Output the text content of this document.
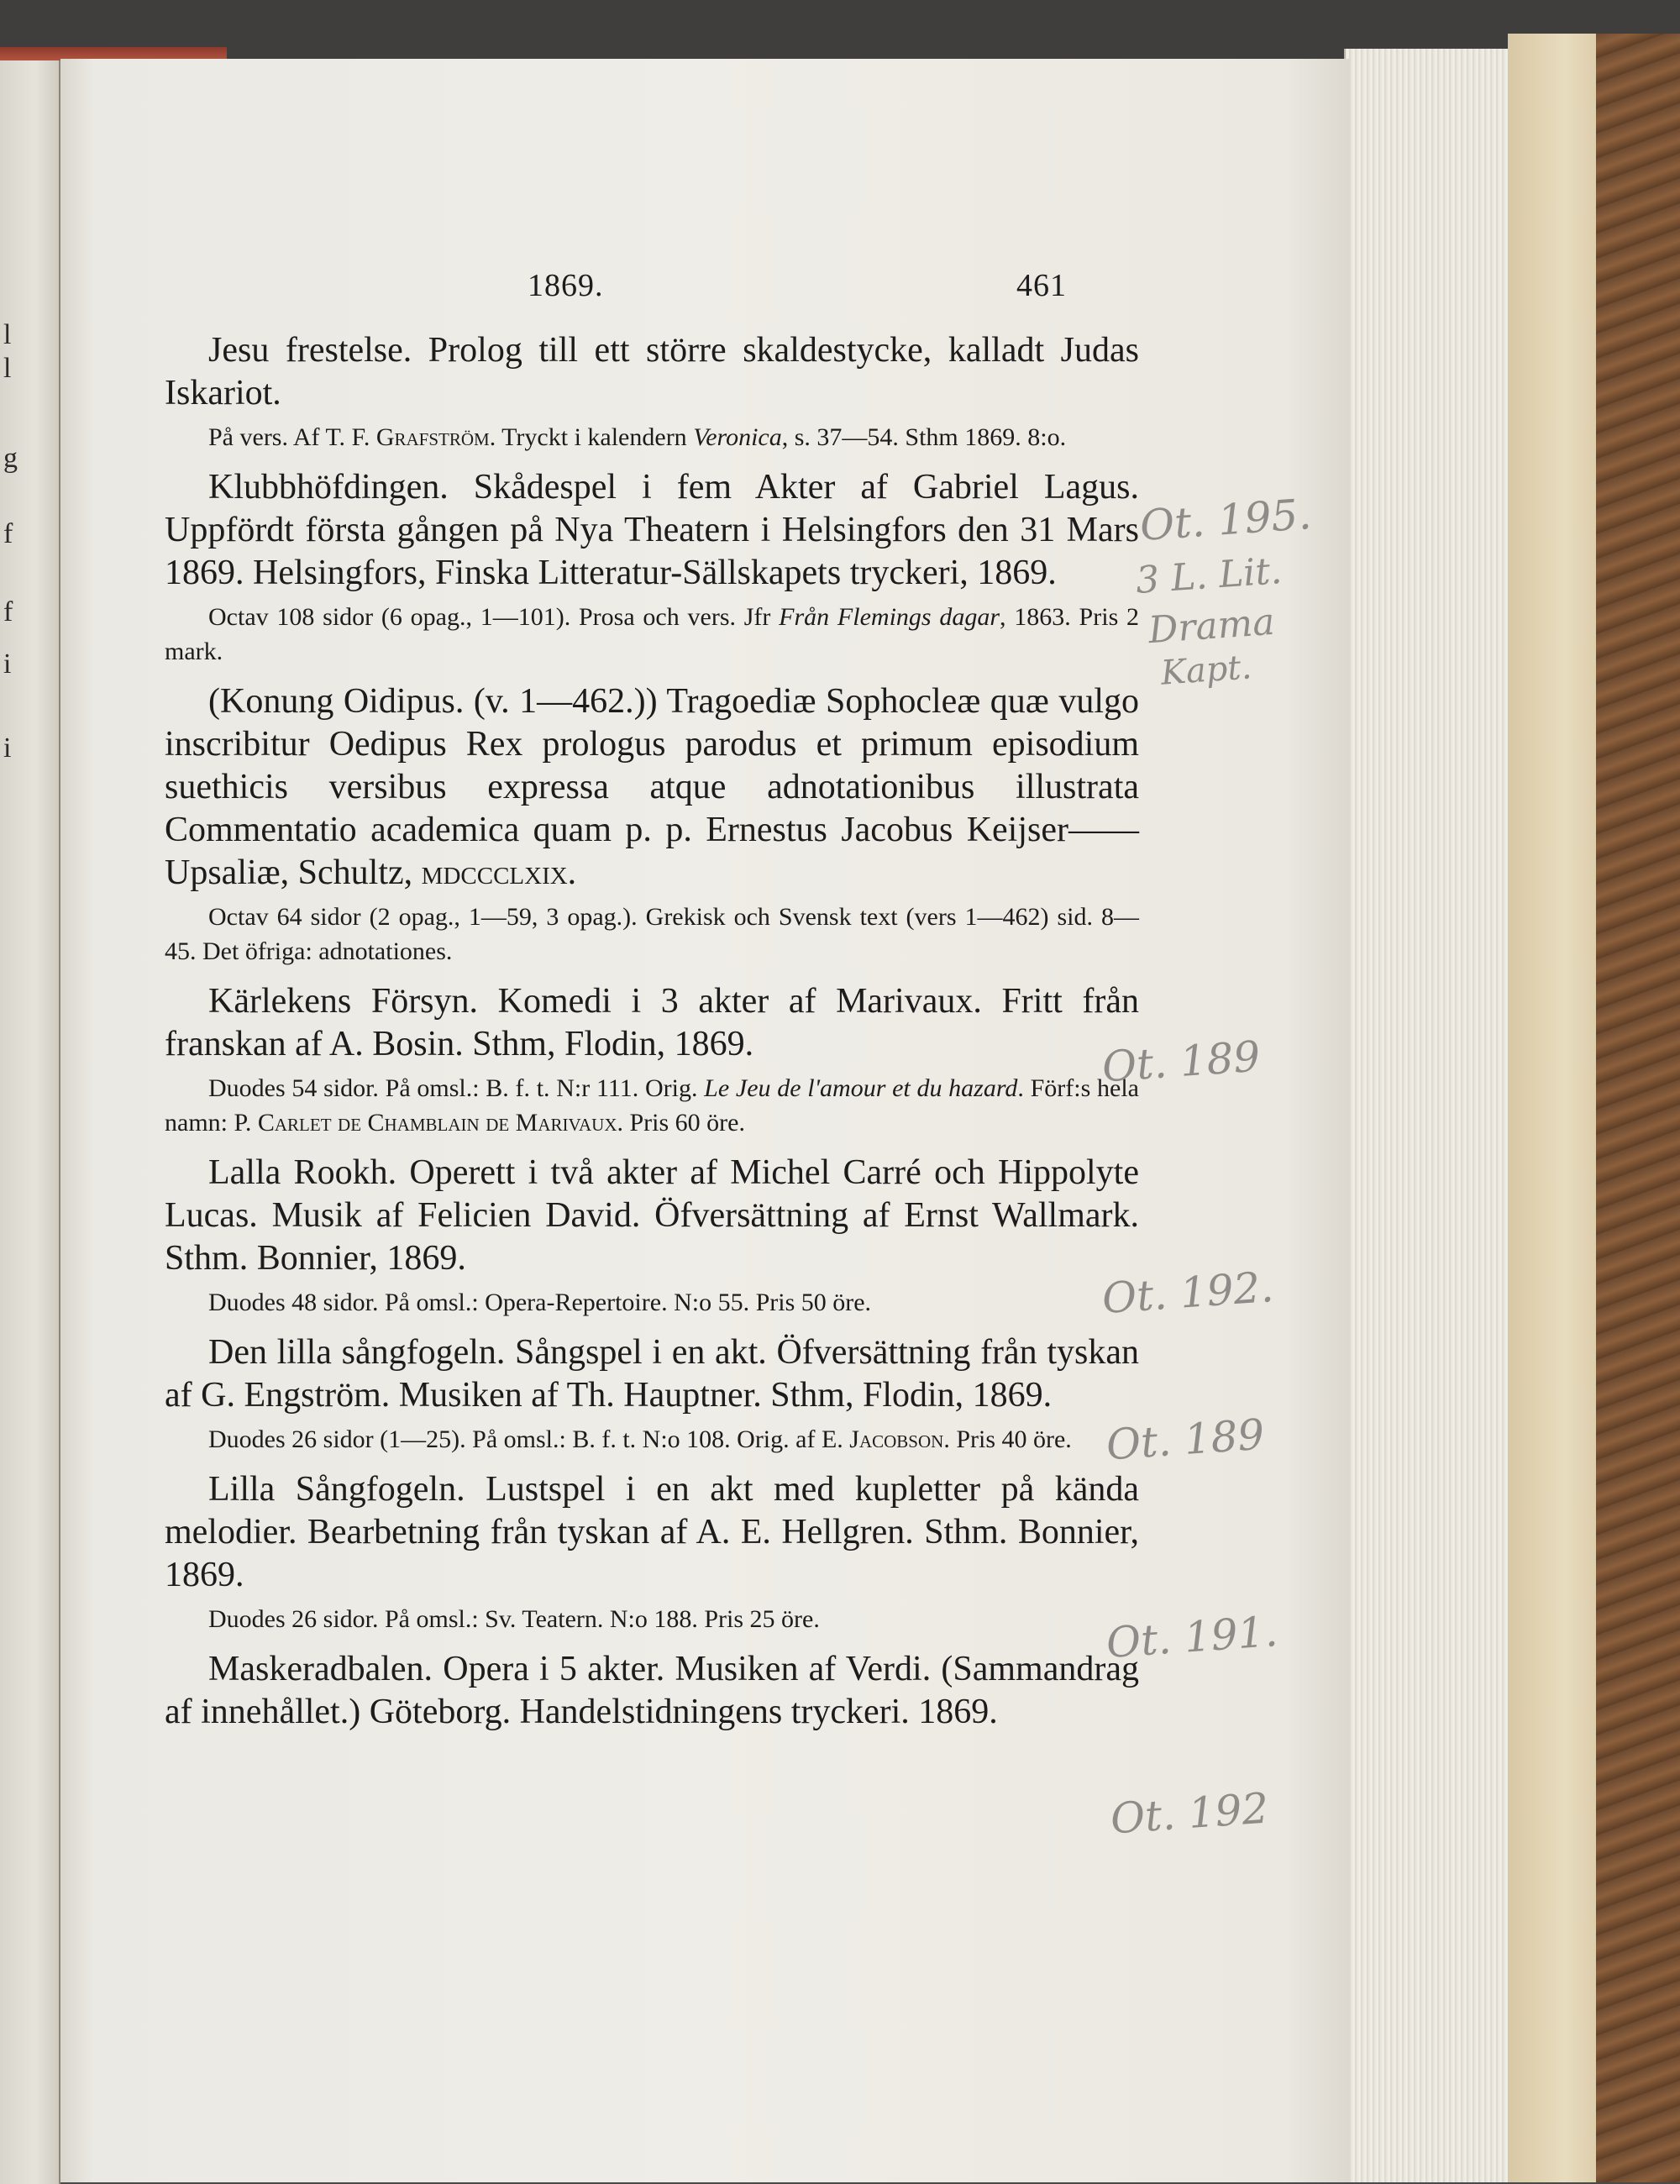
l
l
g
f
f
i
i
1869.	461

Jesu frestelse. Prolog till ett större skaldestycke, kalladt Judas Iskariot.

På vers. Af T. F. Grafström. Tryckt i kalendern Veronica, s. 37—54. Sthm 1869. 8:o.

Klubbhöfdingen. Skådespel i fem Akter af Gabriel Lagus. Uppfördt första gången på Nya Theatern i Helsingfors den 31 Mars 1869. Helsingfors, Finska Litteratur-Sällskapets tryckeri, 1869.

Octav 108 sidor (6 opag., 1—101). Prosa och vers. Jfr Från Flemings dagar, 1863. Pris 2 mark.

(Konung Oidipus. (v. 1—462.)) Tragoediæ Sophocleæ quæ vulgo inscribitur Oedipus Rex prologus parodus et primum episodium suethicis versibus expressa atque adnotationibus illustrata Commentatio academica quam p. p. Ernestus Jacobus Keijser—— Upsaliæ, Schultz, mdccclxix.

Octav 64 sidor (2 opag., 1—59, 3 opag.). Grekisk och Svensk text (vers 1—462) sid. 8—45. Det öfriga: adnotationes.

Kärlekens Försyn. Komedi i 3 akter af Marivaux. Fritt från franskan af A. Bosin. Sthm, Flodin, 1869.

Duodes 54 sidor. På omsl.: B. f. t. N:r 111. Orig. Le Jeu de l'amour et du hazard. Förf:s hela namn: P. Carlet de Chamblain de Marivaux. Pris 60 öre.

Lalla Rookh. Operett i två akter af Michel Carré och Hippolyte Lucas. Musik af Felicien David. Öfversättning af Ernst Wallmark. Sthm. Bonnier, 1869.

Duodes 48 sidor. På omsl.: Opera-Repertoire. N:o 55. Pris 50 öre.

Den lilla sångfogeln. Sångspel i en akt. Öfversättning från tyskan af G. Engström. Musiken af Th. Hauptner. Sthm, Flodin, 1869.

Duodes 26 sidor (1—25). På omsl.: B. f. t. N:o 108. Orig. af E. Jacobson. Pris 40 öre.

Lilla Sångfogeln. Lustspel i en akt med kupletter på kända melodier. Bearbetning från tyskan af A. E. Hellgren. Sthm. Bonnier, 1869.

Duodes 26 sidor. På omsl.: Sv. Teatern. N:o 188. Pris 25 öre.

Maskeradbalen. Opera i 5 akter. Musiken af Verdi. (Sammandrag af innehållet.) Göteborg. Handelstidningens tryckeri. 1869.

Ot. 195.
3 L. Lit.
Drama
Kapt.
Ot. 189
Ot. 192.
Ot. 189
Ot. 191.
Ot. 192
